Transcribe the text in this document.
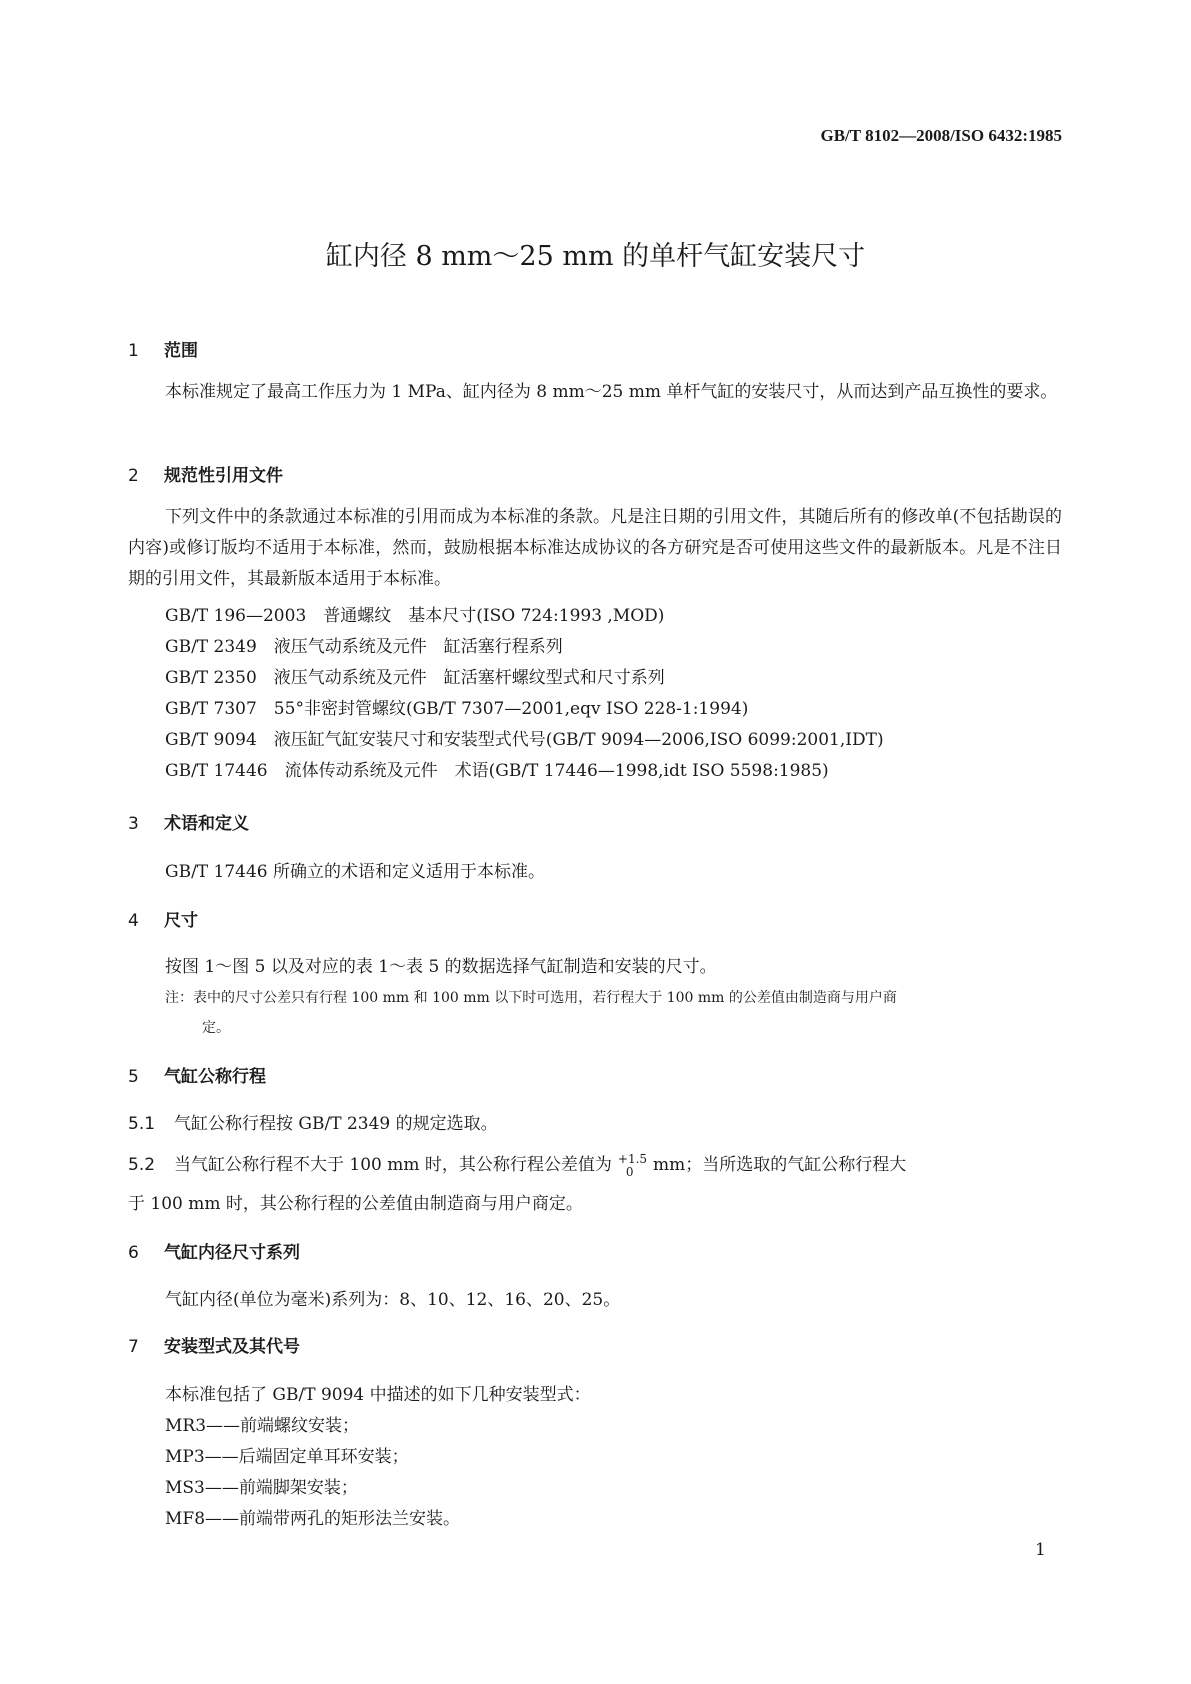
GB/T 8102—2008/ISO 6432:1985
缸内径 8 mm～25 mm 的单杆气缸安装尺寸
1 范围
本标准规定了最高工作压力为 1 MPa、缸内径为 8 mm～25 mm 单杆气缸的安装尺寸，从而达到产品互换性的要求。
2 规范性引用文件
下列文件中的条款通过本标准的引用而成为本标准的条款。凡是注日期的引用文件，其随后所有的修改单(不包括勘误的内容)或修订版均不适用于本标准，然而，鼓励根据本标准达成协议的各方研究是否可使用这些文件的最新版本。凡是不注日期的引用文件，其最新版本适用于本标准。
GB/T 196—2003　普通螺纹　基本尺寸(ISO 724:1993 ,MOD)
GB/T 2349　液压气动系统及元件　缸活塞行程系列
GB/T 2350　液压气动系统及元件　缸活塞杆螺纹型式和尺寸系列
GB/T 7307　55°非密封管螺纹(GB/T 7307—2001,eqv ISO 228-1:1994)
GB/T 9094　液压缸气缸安装尺寸和安装型式代号(GB/T 9094—2006,ISO 6099:2001,IDT)
GB/T 17446　流体传动系统及元件　术语(GB/T 17446—1998,idt ISO 5598:1985)
3 术语和定义
GB/T 17446 所确立的术语和定义适用于本标准。
4 尺寸
按图 1～图 5 以及对应的表 1～表 5 的数据选择气缸制造和安装的尺寸。
注：表中的尺寸公差只有行程 100 mm 和 100 mm 以下时可选用，若行程大于 100 mm 的公差值由制造商与用户商
定。
5 气缸公称行程
5.1 气缸公称行程按 GB/T 2349 的规定选取。
5.2 当气缸公称行程不大于 100 mm 时，其公称行程公差值为 +1.5
0	mm；当所选取的气缸公称行程大
于 100 mm 时，其公称行程的公差值由制造商与用户商定。
6 气缸内径尺寸系列
气缸内径(单位为毫米)系列为：8、10、12、16、20、25。
7 安装型式及其代号
本标准包括了 GB/T 9094 中描述的如下几种安装型式：
MR3——前端螺纹安装；
MP3——后端固定单耳环安装；
MS3——前端脚架安装；
MF8——前端带两孔的矩形法兰安装。
1
